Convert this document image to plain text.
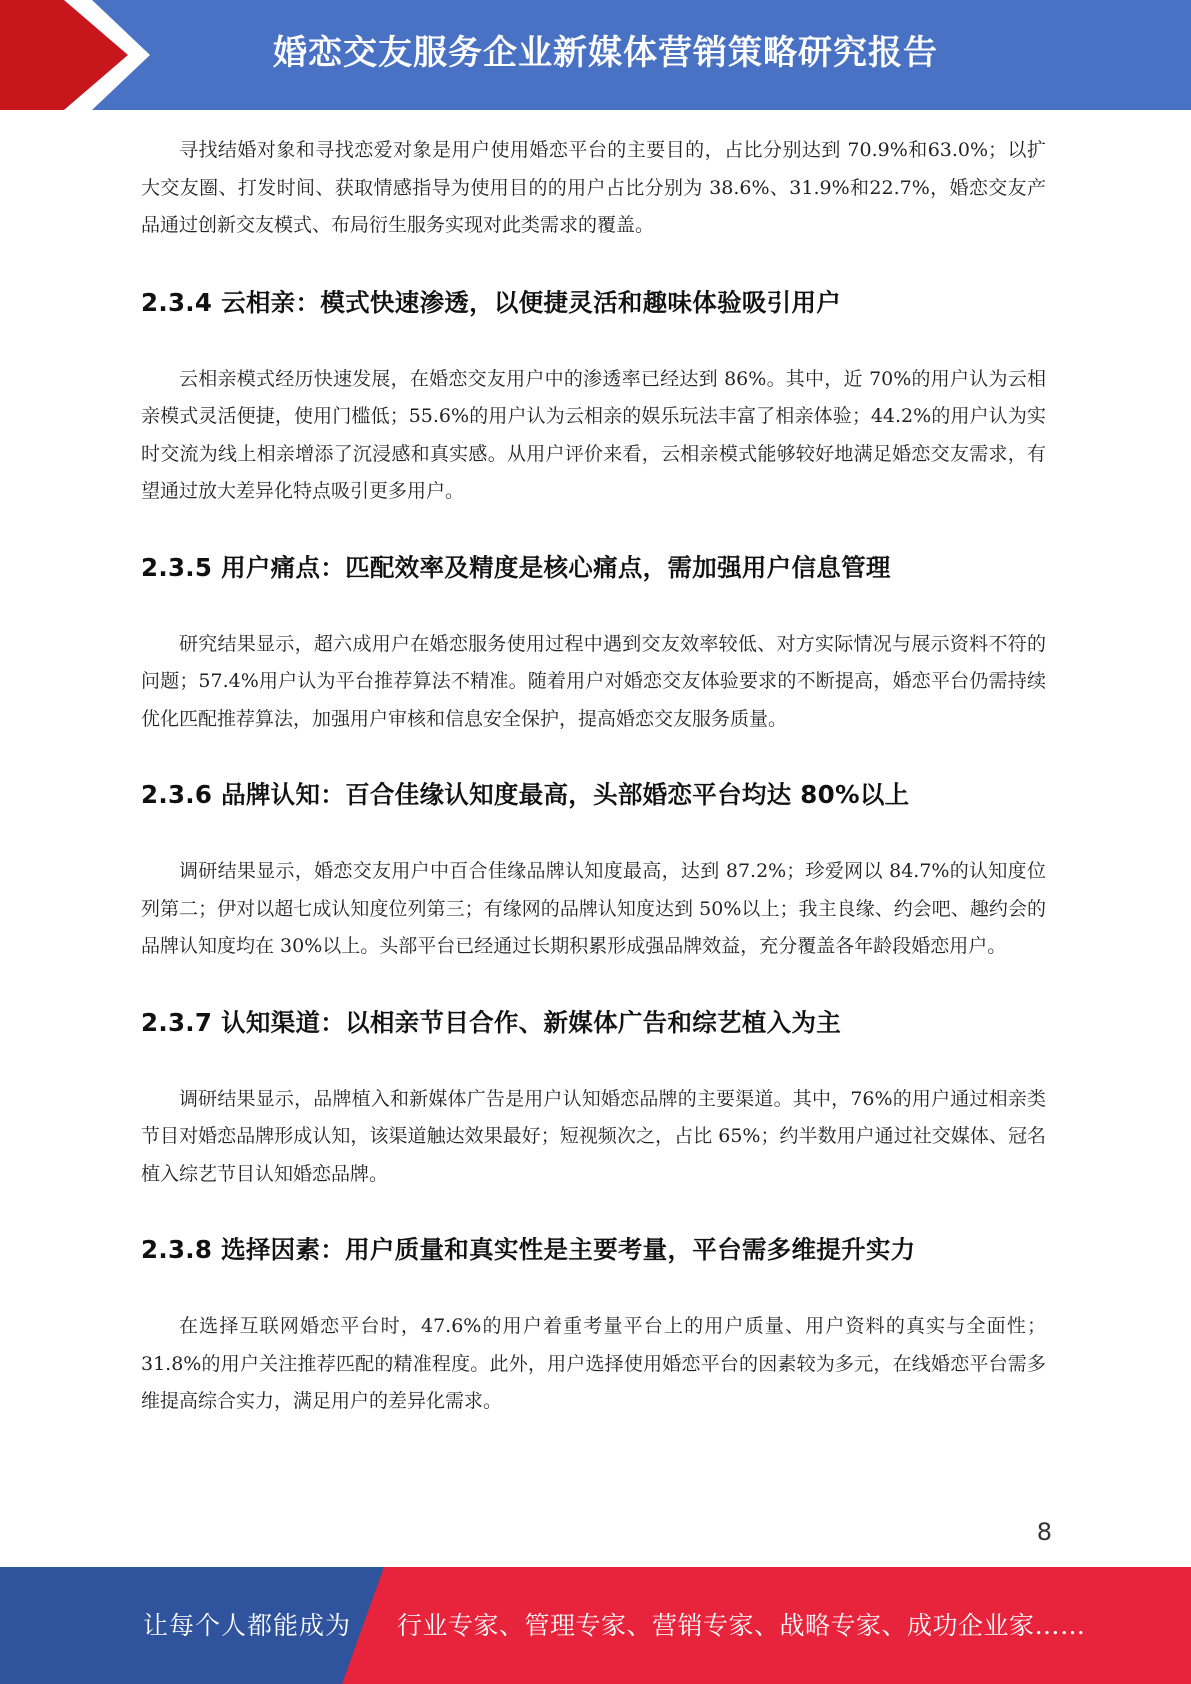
婚恋交友服务企业新媒体营销策略研究报告

寻找结婚对象和寻找恋爱对象是用户使用婚恋平台的主要目的，占比分别达到 70.9%和63.0%；以扩大交友圈、打发时间、获取情感指导为使用目的的用户占比分别为 38.6%、31.9%和22.7%，婚恋交友产品通过创新交友模式、布局衍生服务实现对此类需求的覆盖。

2.3.4 云相亲：模式快速渗透，以便捷灵活和趣味体验吸引用户

云相亲模式经历快速发展，在婚恋交友用户中的渗透率已经达到 86%。其中，近 70%的用户认为云相亲模式灵活便捷，使用门槛低；55.6%的用户认为云相亲的娱乐玩法丰富了相亲体验；44.2%的用户认为实时交流为线上相亲增添了沉浸感和真实感。从用户评价来看，云相亲模式能够较好地满足婚恋交友需求，有望通过放大差异化特点吸引更多用户。

2.3.5 用户痛点：匹配效率及精度是核心痛点，需加强用户信息管理

研究结果显示，超六成用户在婚恋服务使用过程中遇到交友效率较低、对方实际情况与展示资料不符的问题；57.4%用户认为平台推荐算法不精准。随着用户对婚恋交友体验要求的不断提高，婚恋平台仍需持续优化匹配推荐算法，加强用户审核和信息安全保护，提高婚恋交友服务质量。

2.3.6 品牌认知：百合佳缘认知度最高，头部婚恋平台均达 80%以上

调研结果显示，婚恋交友用户中百合佳缘品牌认知度最高，达到 87.2%；珍爱网以 84.7%的认知度位列第二；伊对以超七成认知度位列第三；有缘网的品牌认知度达到 50%以上；我主良缘、约会吧、趣约会的品牌认知度均在 30%以上。头部平台已经通过长期积累形成强品牌效益，充分覆盖各年龄段婚恋用户。

2.3.7 认知渠道：以相亲节目合作、新媒体广告和综艺植入为主

调研结果显示，品牌植入和新媒体广告是用户认知婚恋品牌的主要渠道。其中，76%的用户通过相亲类节目对婚恋品牌形成认知，该渠道触达效果最好；短视频次之，占比 65%；约半数用户通过社交媒体、冠名植入综艺节目认知婚恋品牌。

2.3.8 选择因素：用户质量和真实性是主要考量，平台需多维提升实力

在选择互联网婚恋平台时，47.6%的用户着重考量平台上的用户质量、用户资料的真实与全面性；31.8%的用户关注推荐匹配的精准程度。此外，用户选择使用婚恋平台的因素较为多元，在线婚恋平台需多维提高综合实力，满足用户的差异化需求。

8
让每个人都能成为 行业专家、管理专家、营销专家、战略专家、成功企业家……
